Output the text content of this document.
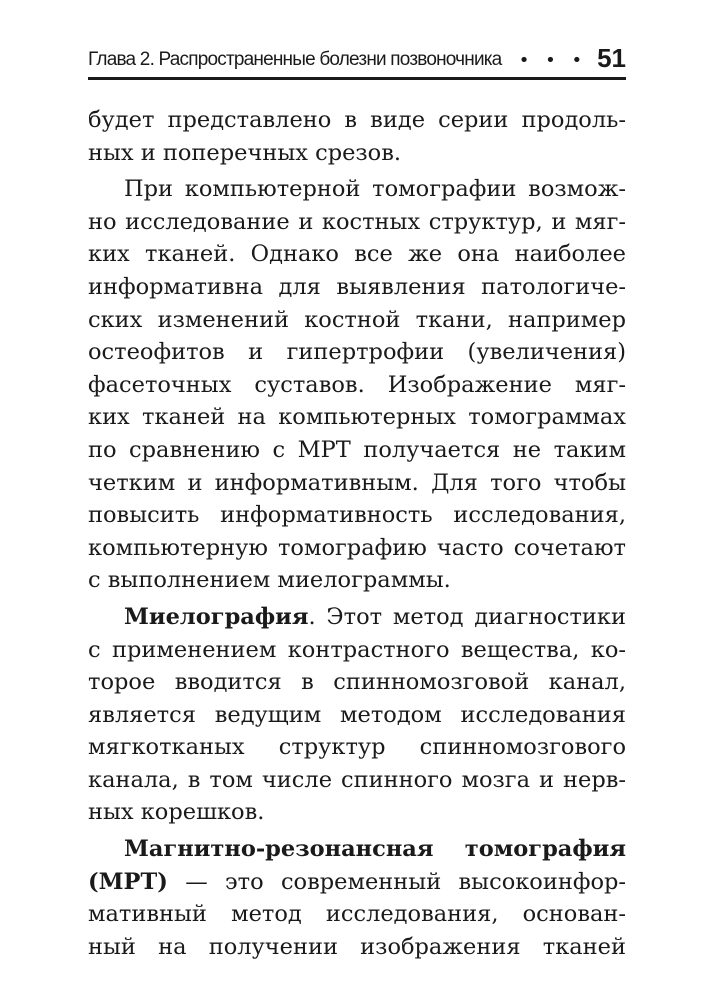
Глава 2. Распространенные болезни позвоночника • • • 51
будет представлено в виде серии продоль-
ных и поперечных срезов.
При компьютерной томографии возмож-
но исследование и костных структур, и мяг-
ких тканей. Однако все же она наиболее
информативна для выявления патологиче-
ских изменений костной ткани, например
остеофитов и гипертрофии (увеличения)
фасеточных суставов. Изображение мяг-
ких тканей на компьютерных томограммах
по сравнению с МРТ получается не таким
четким и информативным. Для того чтобы
повысить информативность исследования,
компьютерную томографию часто сочетают
с выполнением миелограммы.
Миелография. Этот метод диагностики
с применением контрастного вещества, ко-
торое вводится в спинномозговой канал,
является ведущим методом исследования
мягкотканых структур спинномозгового
канала, в том числе спинного мозга и нерв-
ных корешков.
Магнитно-резонансная томография
(МРТ) — это современный высокоинфор-
мативный метод исследования, основан-
ный на получении изображения тканей
